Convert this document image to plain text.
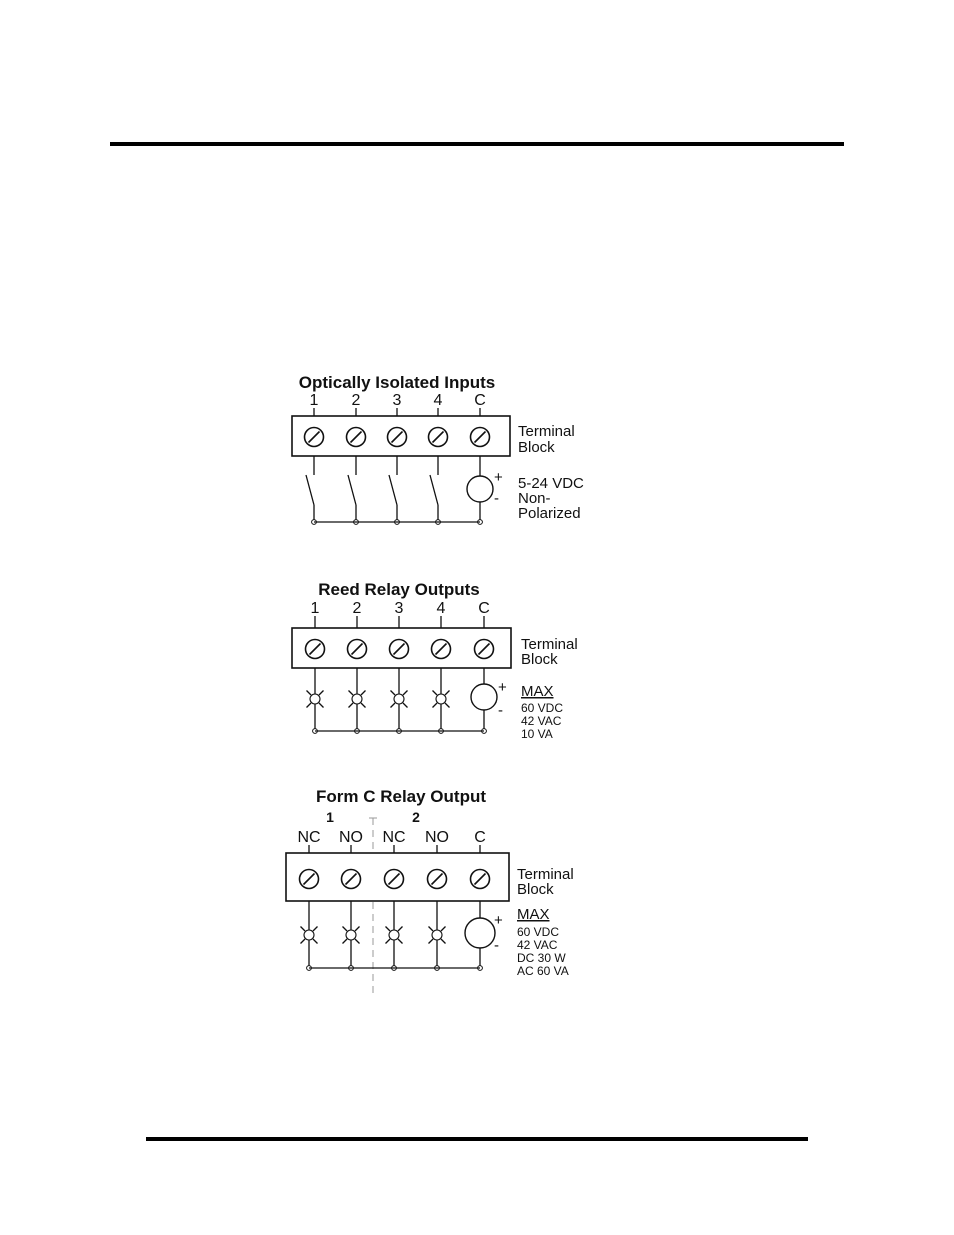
Optically Isolated Inputs
Terminal
Block
1 2 3 4 C
+
-
5-24 VDC
Non-
Polarized
Reed Relay Outputs
Terminal
Block
1 2 3 4 C
+
-
MAX
60 VDC
42 VAC
10 VA
Form C Relay Output
1	2
Terminal
Block
NC NO NC NO C
+
-
MAX
60 VDC
42 VAC
DC 30 W
AC 60 VA
